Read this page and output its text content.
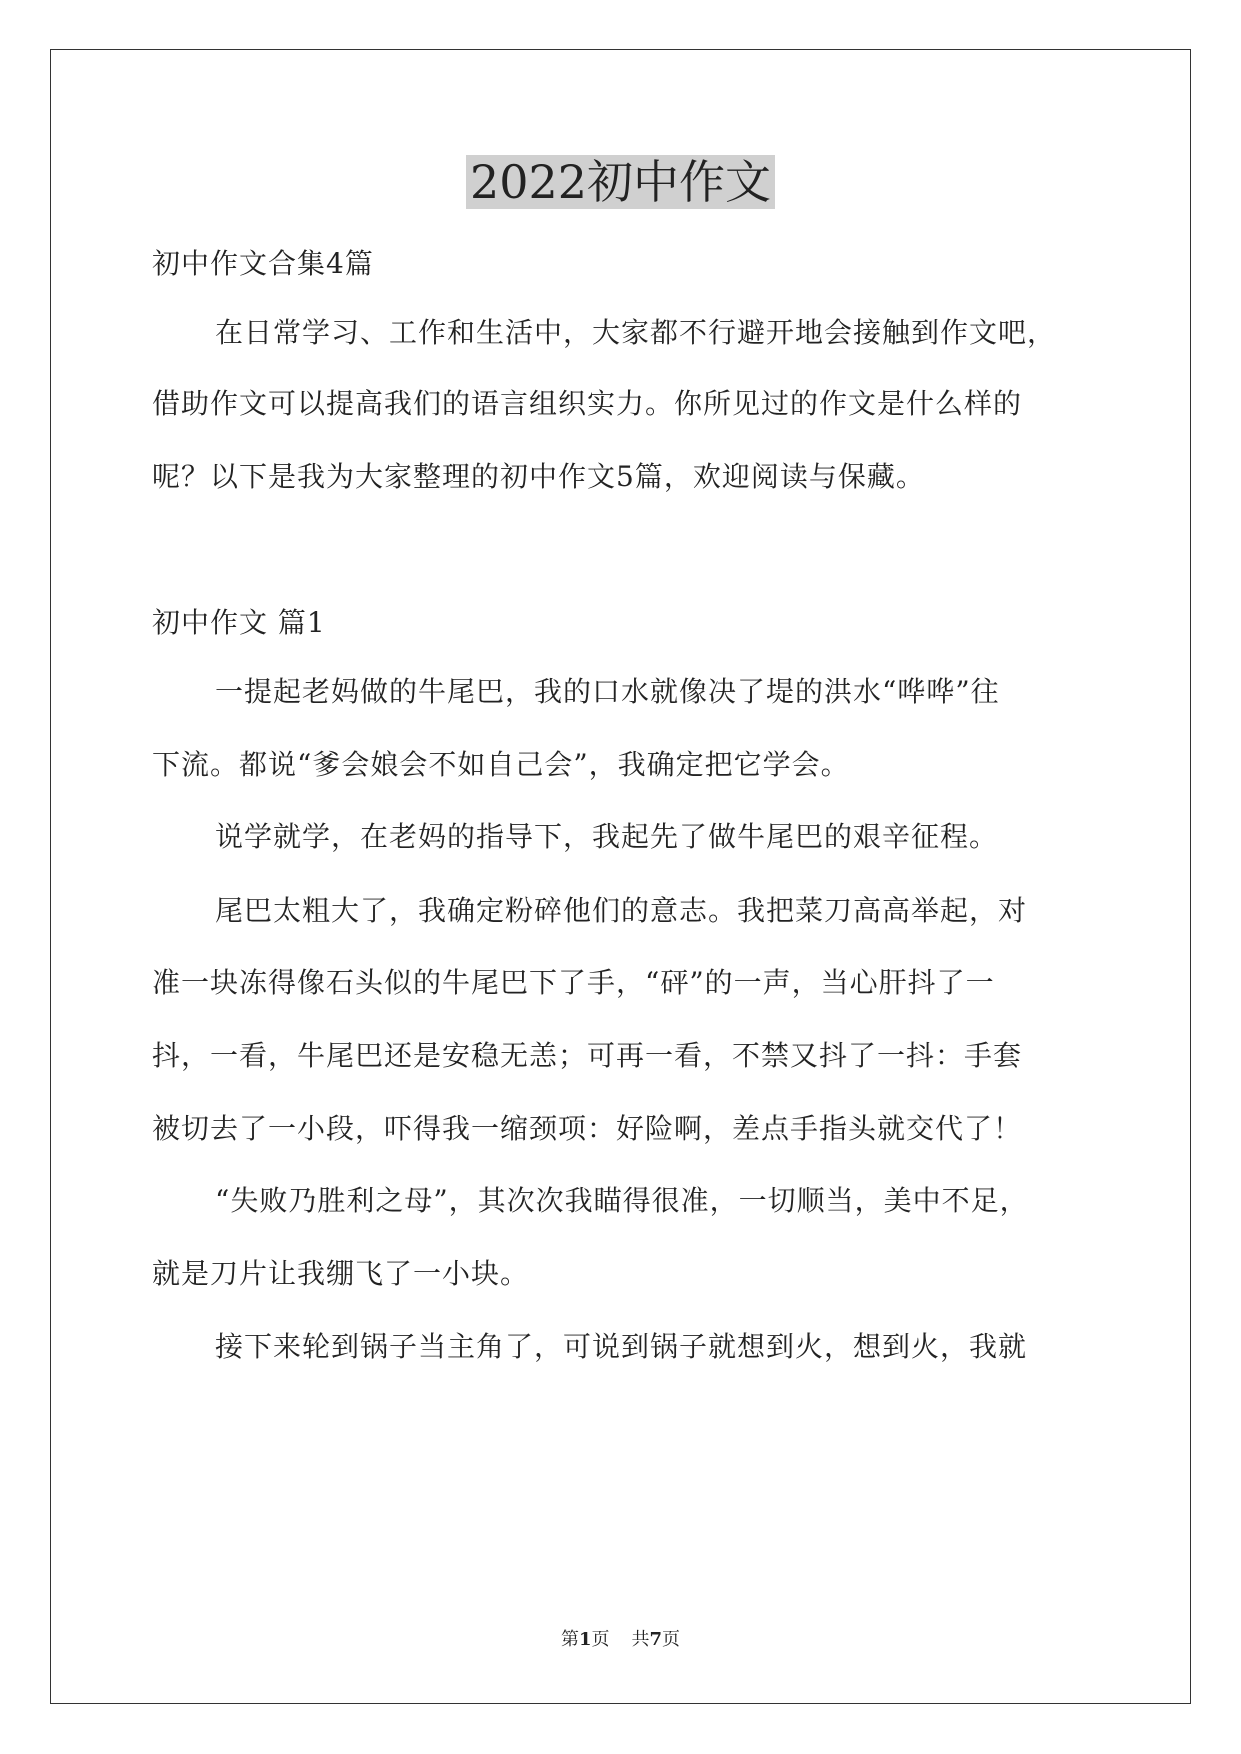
2022初中作文
初中作文合集4篇
在日常学习、工作和生活中，大家都不行避开地会接触到作文吧，
借助作文可以提高我们的语言组织实力。你所见过的作文是什么样的
呢？以下是我为大家整理的初中作文5篇，欢迎阅读与保藏。
初中作文 篇1
一提起老妈做的牛尾巴，我的口水就像决了堤的洪水“哗哗”往
下流。都说“爹会娘会不如自己会”，我确定把它学会。
说学就学，在老妈的指导下，我起先了做牛尾巴的艰辛征程。
尾巴太粗大了，我确定粉碎他们的意志。我把菜刀高高举起，对
准一块冻得像石头似的牛尾巴下了手，“砰”的一声，当心肝抖了一
抖，一看，牛尾巴还是安稳无恙；可再一看，不禁又抖了一抖：手套
被切去了一小段，吓得我一缩颈项：好险啊，差点手指头就交代了！
“失败乃胜利之母”，其次次我瞄得很准，一切顺当，美中不足，
就是刀片让我绷飞了一小块。
接下来轮到锅子当主角了，可说到锅子就想到火，想到火，我就
第1页 共7页
